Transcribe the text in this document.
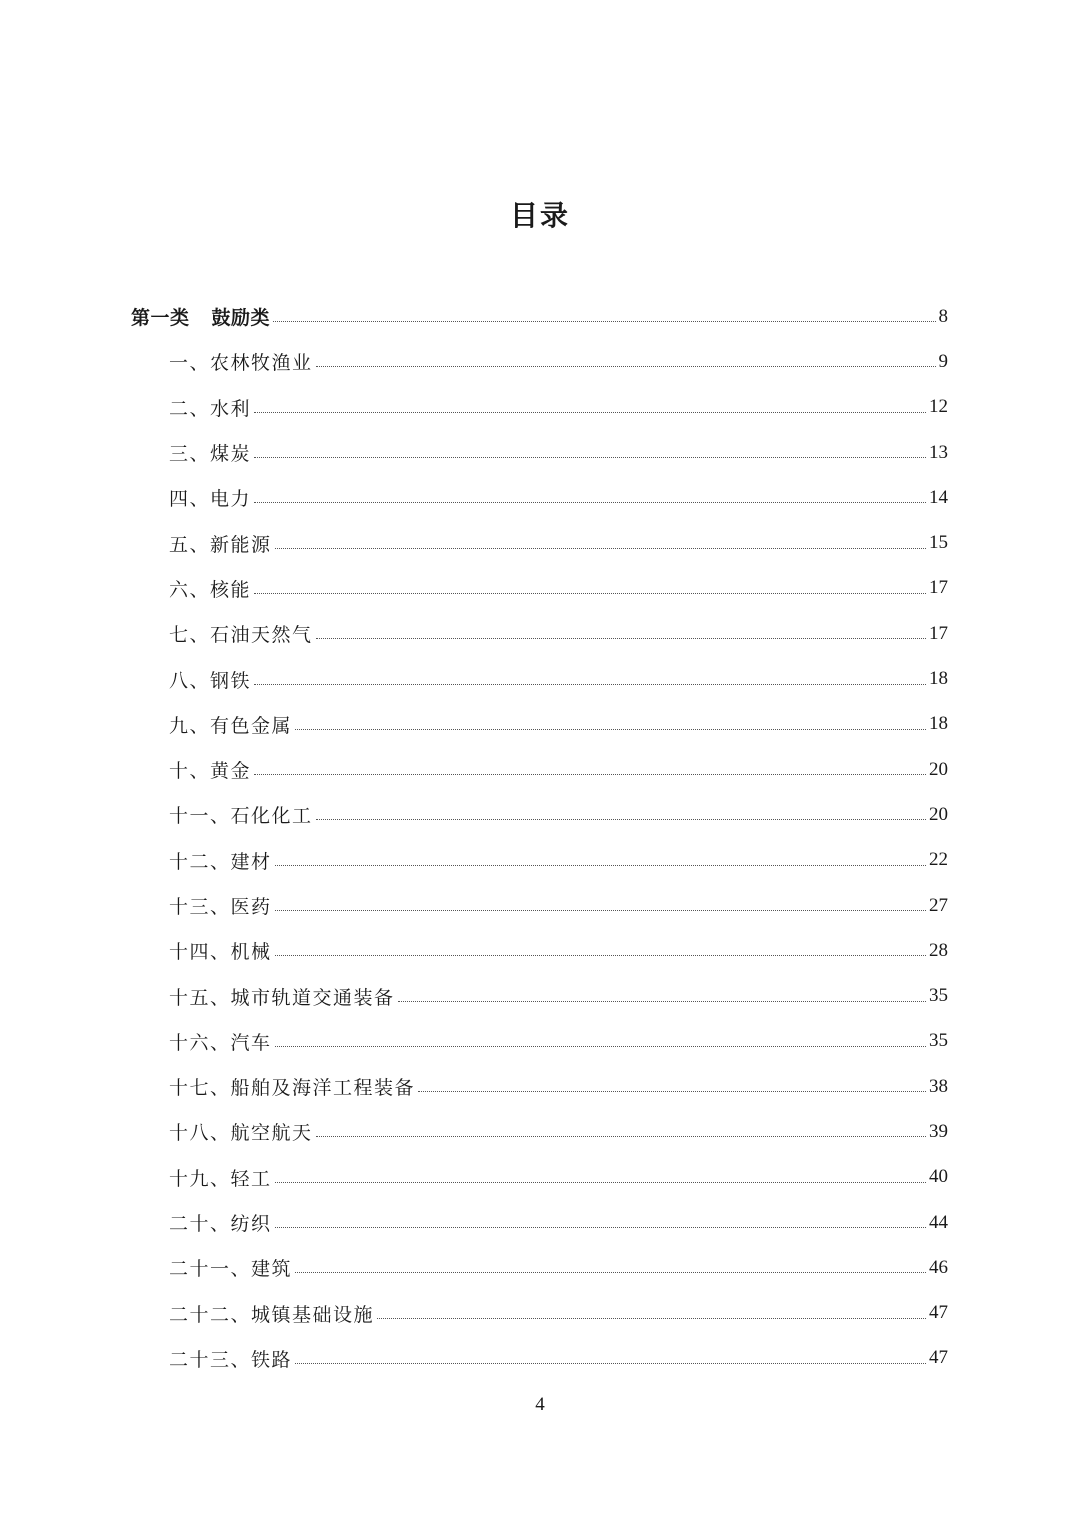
目录
第一类 鼓励类	8
一、农林牧渔业	9
二、水利	12
三、煤炭	13
四、电力	14
五、新能源	15
六、核能	17
七、石油天然气	17
八、钢铁	18
九、有色金属	18
十、黄金	20
十一、石化化工	20
十二、建材	22
十三、医药	27
十四、机械	28
十五、城市轨道交通装备	35
十六、汽车	35
十七、船舶及海洋工程装备	38
十八、航空航天	39
十九、轻工	40
二十、纺织	44
二十一、建筑	46
二十二、城镇基础设施	47
二十三、铁路	47
4
